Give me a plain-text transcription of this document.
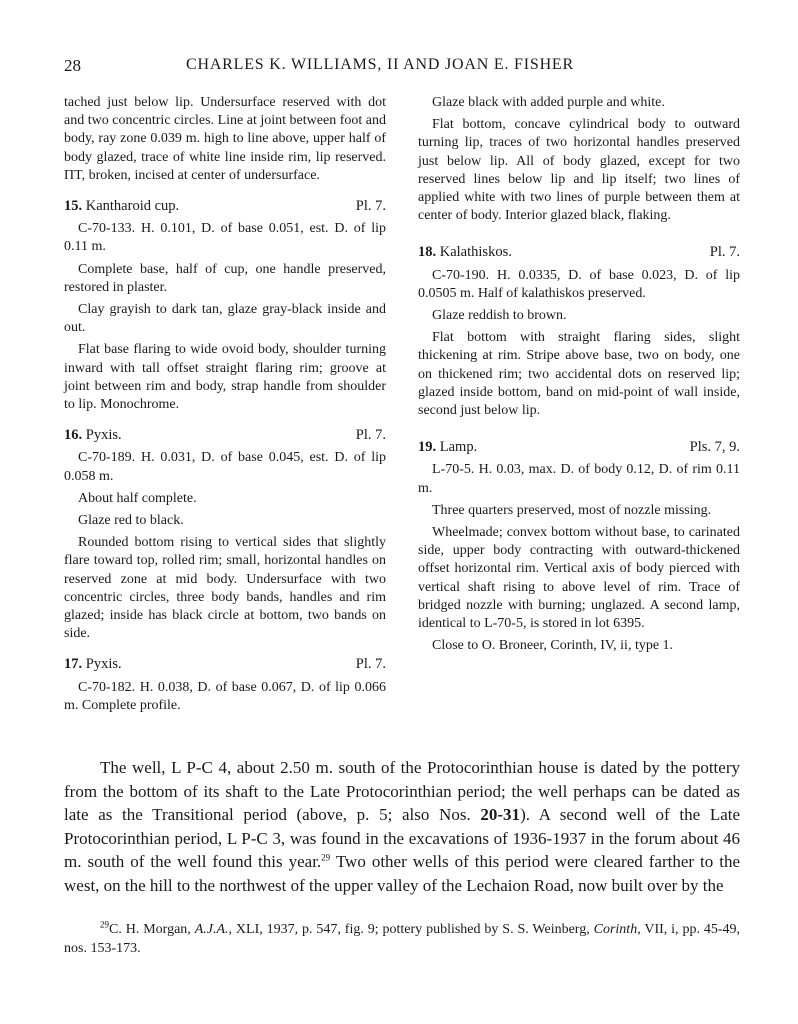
28	CHARLES K. WILLIAMS, II AND JOAN E. FISHER

tached just below lip. Undersurface reserved with dot and two concentric circles. Line at joint between foot and body, ray zone 0.039 m. high to line above, upper half of body glazed, trace of white line inside rim, lip reserved. ΠΤ, broken, incised at center of undersurface.

15. Kantharoid cup.	Pl. 7.

C-70-133. H. 0.101, D. of base 0.051, est. D. of lip 0.11 m.

Complete base, half of cup, one handle preserved, restored in plaster.

Clay grayish to dark tan, glaze gray-black inside and out.

Flat base flaring to wide ovoid body, shoulder turning inward with tall offset straight flaring rim; groove at joint between rim and body, strap handle from shoulder to lip. Monochrome.

16. Pyxis.	Pl. 7.

C-70-189. H. 0.031, D. of base 0.045, est. D. of lip 0.058 m.

About half complete.

Glaze red to black.

Rounded bottom rising to vertical sides that slightly flare toward top, rolled rim; small, horizontal handles on reserved zone at mid body. Undersurface with two concentric circles, three body bands, handles and rim glazed; inside has black circle at bottom, two bands on side.

17. Pyxis.	Pl. 7.

C-70-182. H. 0.038, D. of base 0.067, D. of lip 0.066 m. Complete profile.

Glaze black with added purple and white.

Flat bottom, concave cylindrical body to outward turning lip, traces of two horizontal handles preserved just below lip. All of body glazed, except for two reserved lines below lip and lip itself; two lines of applied white with two lines of purple between them at center of body. Interior glazed black, flaking.

18. Kalathiskos.	Pl. 7.

C-70-190. H. 0.0335, D. of base 0.023, D. of lip 0.0505 m. Half of kalathiskos preserved.

Glaze reddish to brown.

Flat bottom with straight flaring sides, slight thickening at rim. Stripe above base, two on body, one on thickened rim; two accidental dots on reserved lip; glazed inside bottom, band on mid-point of wall inside, second just below lip.

19. Lamp.	Pls. 7, 9.

L-70-5. H. 0.03, max. D. of body 0.12, D. of rim 0.11 m.

Three quarters preserved, most of nozzle missing.

Wheelmade; convex bottom without base, to carinated side, upper body contracting with outward-thickened offset horizontal rim. Vertical axis of body pierced with vertical shaft rising to above level of rim. Trace of bridged nozzle with burning; unglazed. A second lamp, identical to L-70-5, is stored in lot 6395.

Close to O. Broneer, Corinth, IV, ii, type 1.

The well, L P-C 4, about 2.50 m. south of the Protocorinthian house is dated by the pottery from the bottom of its shaft to the Late Protocorinthian period; the well perhaps can be dated as late as the Transitional period (above, p. 5; also Nos. 20-31). A second well of the Late Protocorinthian period, L P-C 3, was found in the excavations of 1936-1937 in the forum about 46 m. south of the well found this year.$^{29}$ Two other wells of this period were cleared farther to the west, on the hill to the northwest of the upper valley of the Lechaion Road, now built over by the

$^{29}$C. H. Morgan, A.J.A., XLI, 1937, p. 547, fig. 9; pottery published by S. S. Weinberg, Corinth, VII, i, pp. 45-49, nos. 153-173.
